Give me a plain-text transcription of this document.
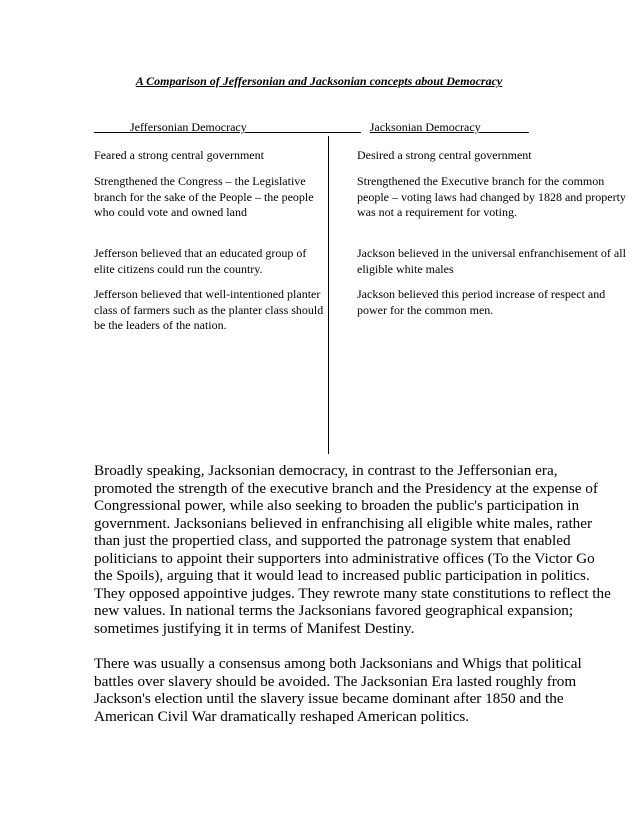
A Comparison of Jeffersonian and Jacksonian concepts about Democracy
______Jeffersonian Democracy___________________ Jacksonian Democracy________

Feared a strong central government

Strengthened the Congress – the Legislative branch for the sake of the People – the people who could vote and owned land

Jefferson believed that an educated group of elite citizens could run the country.

Jefferson believed that well-intentioned planter class of farmers such as the planter class should be the leaders of the nation.

Desired a strong central government

Strengthened the Executive branch for the common people – voting laws had changed by 1828 and property was not a requirement for voting.

Jackson believed in the universal enfranchisement of all eligible white males

Jackson believed this period increase of respect and power for the common men.

Broadly speaking, Jacksonian democracy, in contrast to the Jeffersonian era, promoted the strength of the executive branch and the Presidency at the expense of Congressional power, while also seeking to broaden the public's participation in government. Jacksonians believed in enfranchising all eligible white males, rather than just the propertied class, and supported the patronage system that enabled politicians to appoint their supporters into administrative offices (To the Victor Go the Spoils), arguing that it would lead to increased public participation in politics. They opposed appointive judges. They rewrote many state constitutions to reflect the new values. In national terms the Jacksonians favored geographical expansion; sometimes justifying it in terms of Manifest Destiny.

There was usually a consensus among both Jacksonians and Whigs that political battles over slavery should be avoided. The Jacksonian Era lasted roughly from Jackson's election until the slavery issue became dominant after 1850 and the American Civil War dramatically reshaped American politics.
